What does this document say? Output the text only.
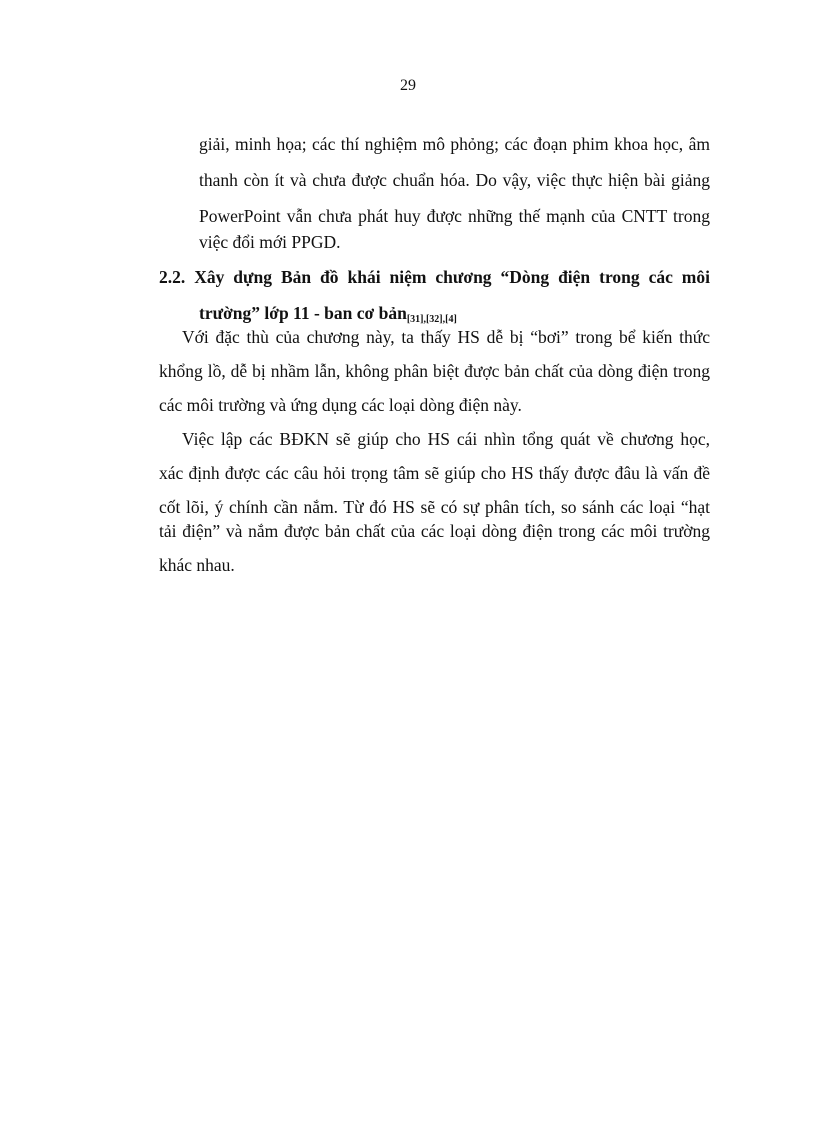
29
giải, minh họa; các thí nghiệm mô phỏng; các đoạn phim khoa học, âm
thanh còn ít và chưa được chuẩn hóa. Do vậy, việc thực hiện bài giảng
PowerPoint vẫn chưa phát huy được những thế mạnh của CNTT trong
việc đổi mới PPGD.
2.2. Xây dựng Bản đồ khái niệm chương “Dòng điện trong các môi
trường” lớp 11 - ban cơ bản[31],[32],[4]
Với đặc thù của chương này, ta thấy HS dễ bị “bơi” trong bể kiến thức
khổng lồ, dễ bị nhầm lẫn, không phân biệt được bản chất của dòng điện trong
các môi trường và ứng dụng các loại dòng điện này.
Việc lập các BĐKN sẽ giúp cho HS cái nhìn tổng quát về chương học,
xác định được các câu hỏi trọng tâm sẽ giúp cho HS thấy được đâu là vấn đề
cốt lõi, ý chính cần nắm. Từ đó HS sẽ có sự phân tích, so sánh các loại “hạt
tải điện” và nắm được bản chất của các loại dòng điện trong các môi trường
khác nhau.
